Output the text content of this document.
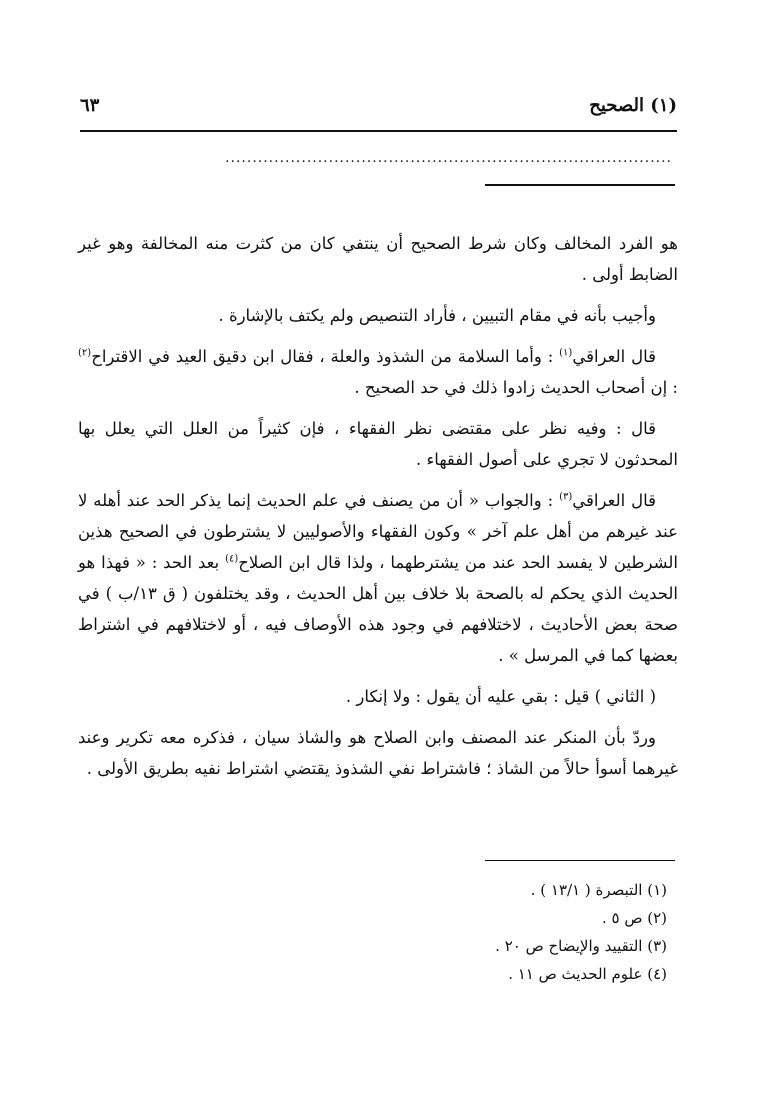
(١) الصحيح
٦٣
..................................................................................

هو الفرد المخالف وكان شرط الصحيح أن ينتفي كان من كثرت منه المخالفة وهو غير الضابط أولى .

وأجيب بأنه في مقام التبيين ، فأراد التنصيص ولم يكتف بالإشارة .

قال العراقي$^{(١)}$ : وأما السلامة من الشذوذ والعلة ، فقال ابن دقيق العيد في الاقتراح$^{(٢)}$ : إن أصحاب الحديث زادوا ذلك في حد الصحيح .

قال : وفيه نظر على مقتضى نظر الفقهاء ، فإن كثيراً من العلل التي يعلل بها المحدثون لا تجري على أصول الفقهاء .

قال العراقي$^{(٣)}$ : والجواب « أن من يصنف في علم الحديث إنما يذكر الحد عند أهله لا عند غيرهم من أهل علم آخر » وكون الفقهاء والأصوليين لا يشترطون في الصحيح هذين الشرطين لا يفسد الحد عند من يشترطهما ، ولذا قال ابن الصلاح$^{(٤)}$ بعد الحد : « فهذا هو الحديث الذي يحكم له بالصحة بلا خلاف بين أهل الحديث ، وقد يختلفون ( ق ١٣/ب ) في صحة بعض الأحاديث ، لاختلافهم في وجود هذه الأوصاف فيه ، أو لاختلافهم في اشتراط بعضها كما في المرسل » .

( الثاني ) قيل : بقي عليه أن يقول : ولا إنكار .

وردّ بأن المنكر عند المصنف وابن الصلاح هو والشاذ سيان ، فذكره معه تكرير وعند غيرهما أسوأ حالاً من الشاذ ؛ فاشتراط نفي الشذوذ يقتضي اشتراط نفيه بطريق الأولى .

(١) التبصرة ( ١٣/١ ) .
(٢) ص ٥ .
(٣) التقييد والإيضاح ص ٢٠ .
(٤) علوم الحديث ص ١١ .
